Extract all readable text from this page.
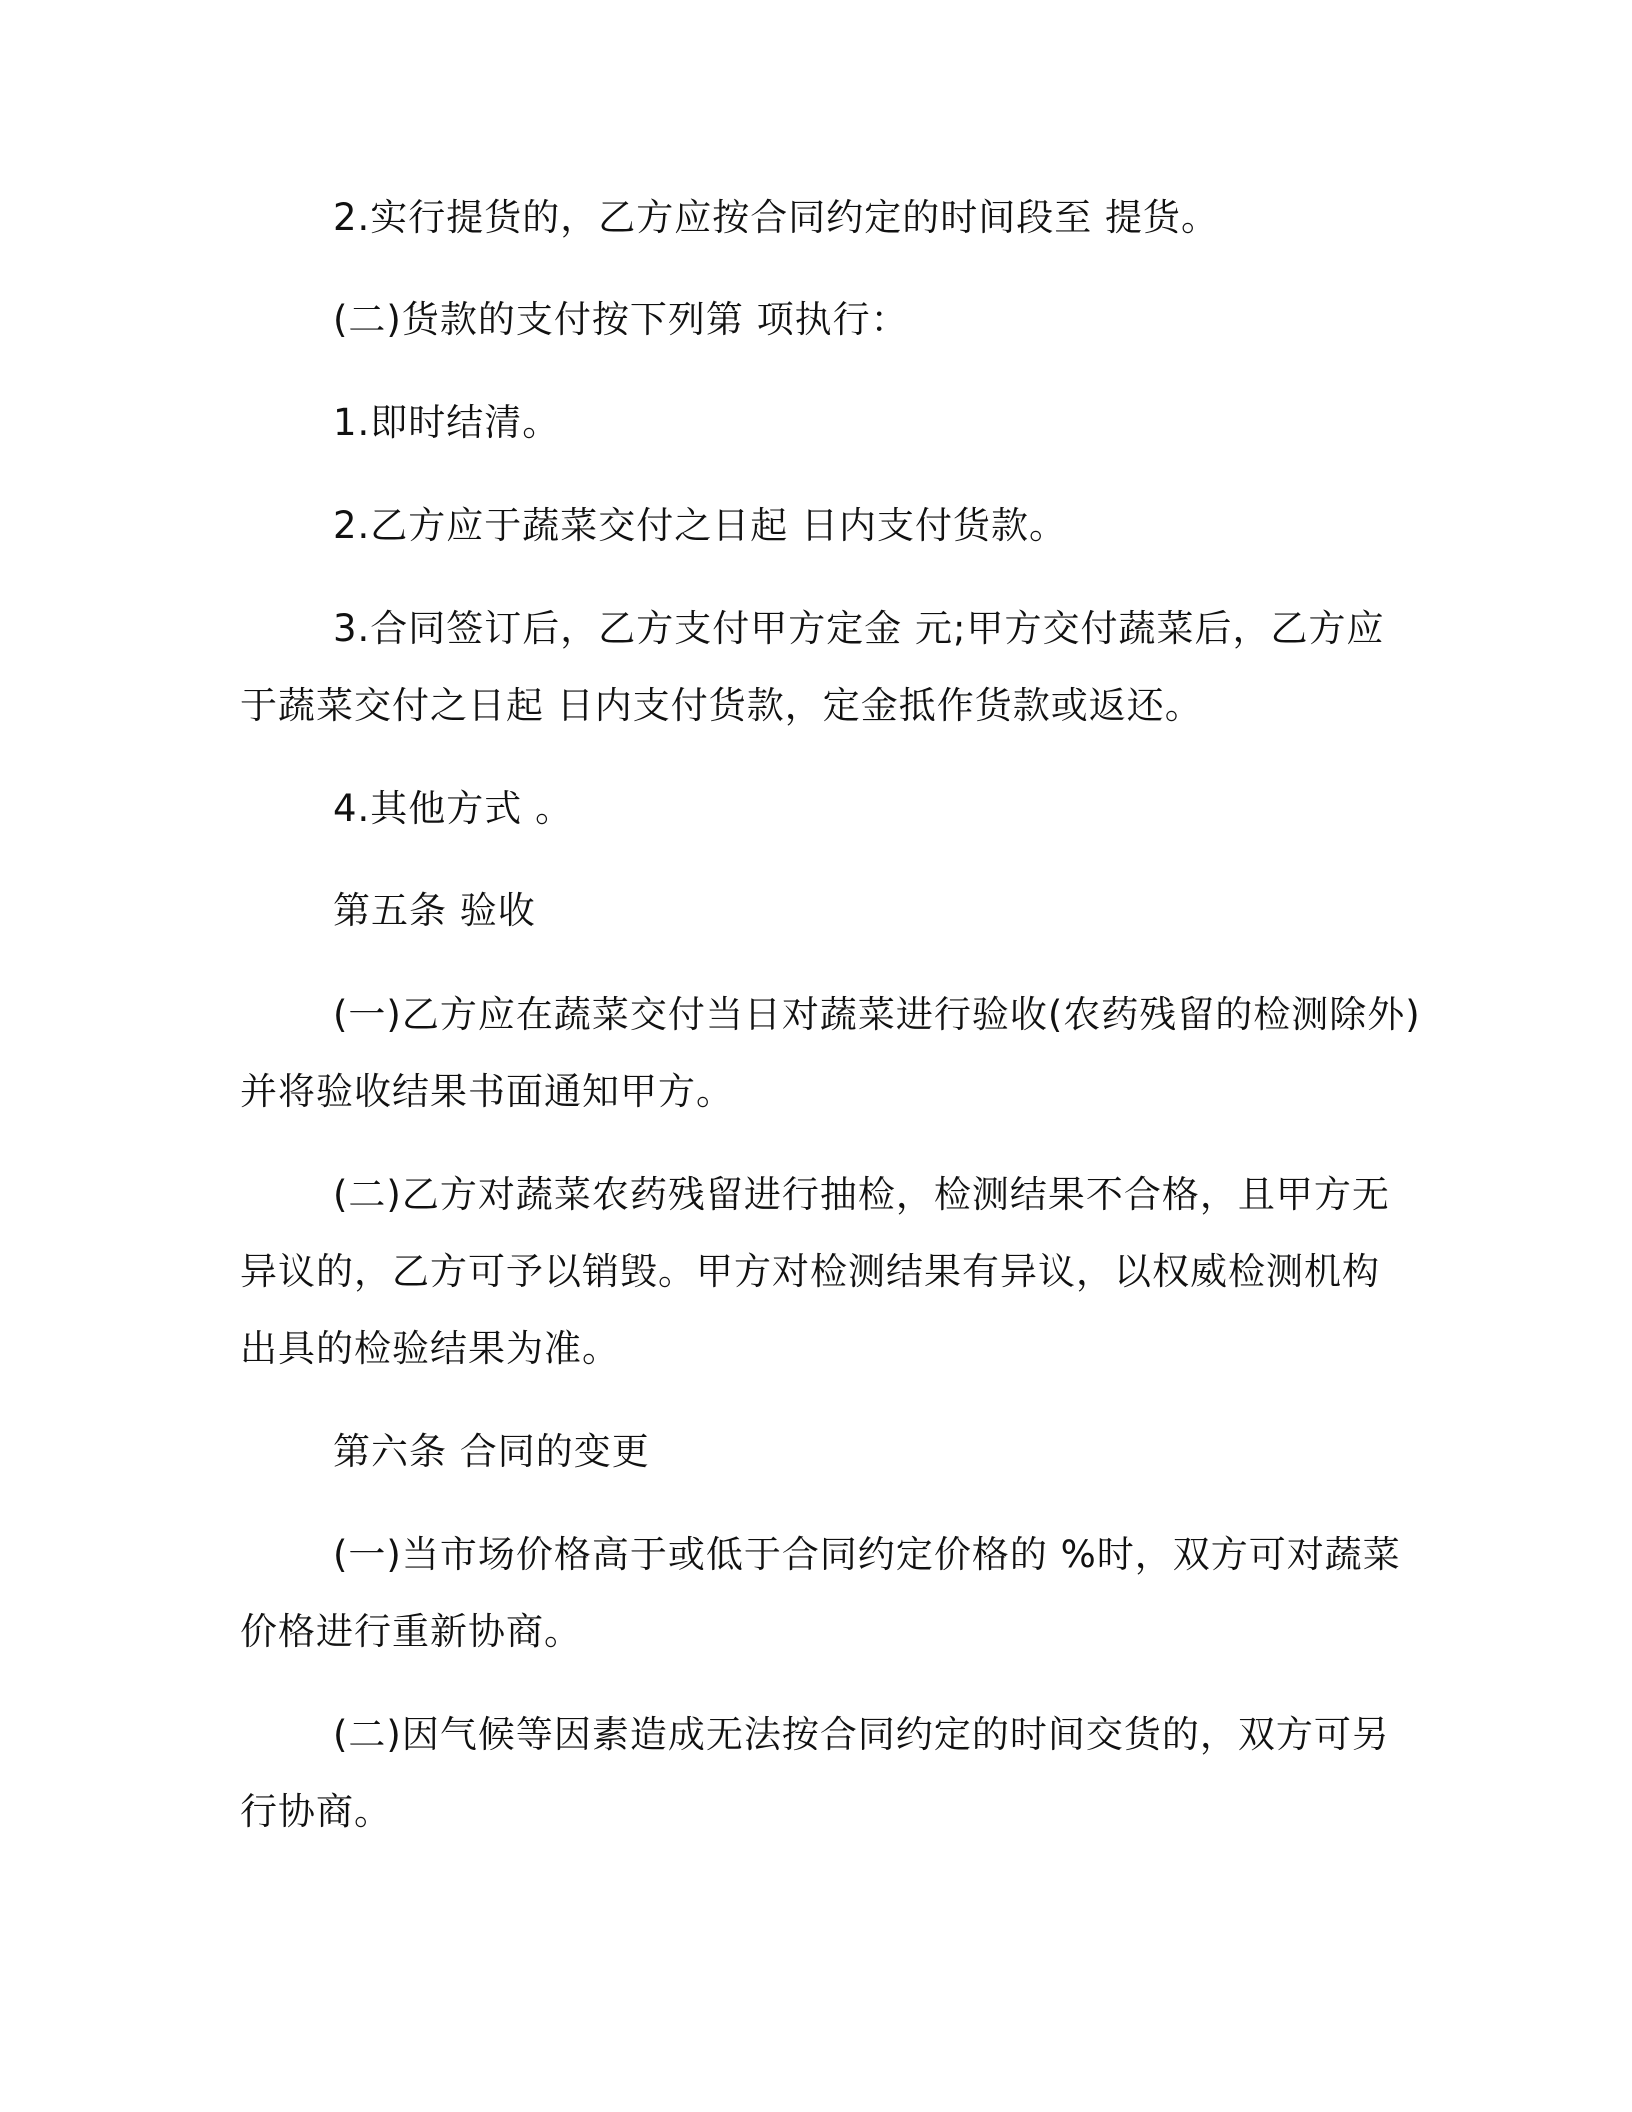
2.实行提货的，乙方应按合同约定的时间段至 提货。
(二)货款的支付按下列第 项执行：
1.即时结清。
2.乙方应于蔬菜交付之日起 日内支付货款。
3.合同签订后，乙方支付甲方定金 元;甲方交付蔬菜后，乙方应
于蔬菜交付之日起 日内支付货款，定金抵作货款或返还。
4.其他方式 。
第五条 验收
(一)乙方应在蔬菜交付当日对蔬菜进行验收(农药残留的检测除外)
并将验收结果书面通知甲方。
(二)乙方对蔬菜农药残留进行抽检，检测结果不合格，且甲方无
异议的，乙方可予以销毁。甲方对检测结果有异议，以权威检测机构
出具的检验结果为准。
第六条 合同的变更
(一)当市场价格高于或低于合同约定价格的 %时，双方可对蔬菜
价格进行重新协商。
(二)因气候等因素造成无法按合同约定的时间交货的，双方可另
行协商。
